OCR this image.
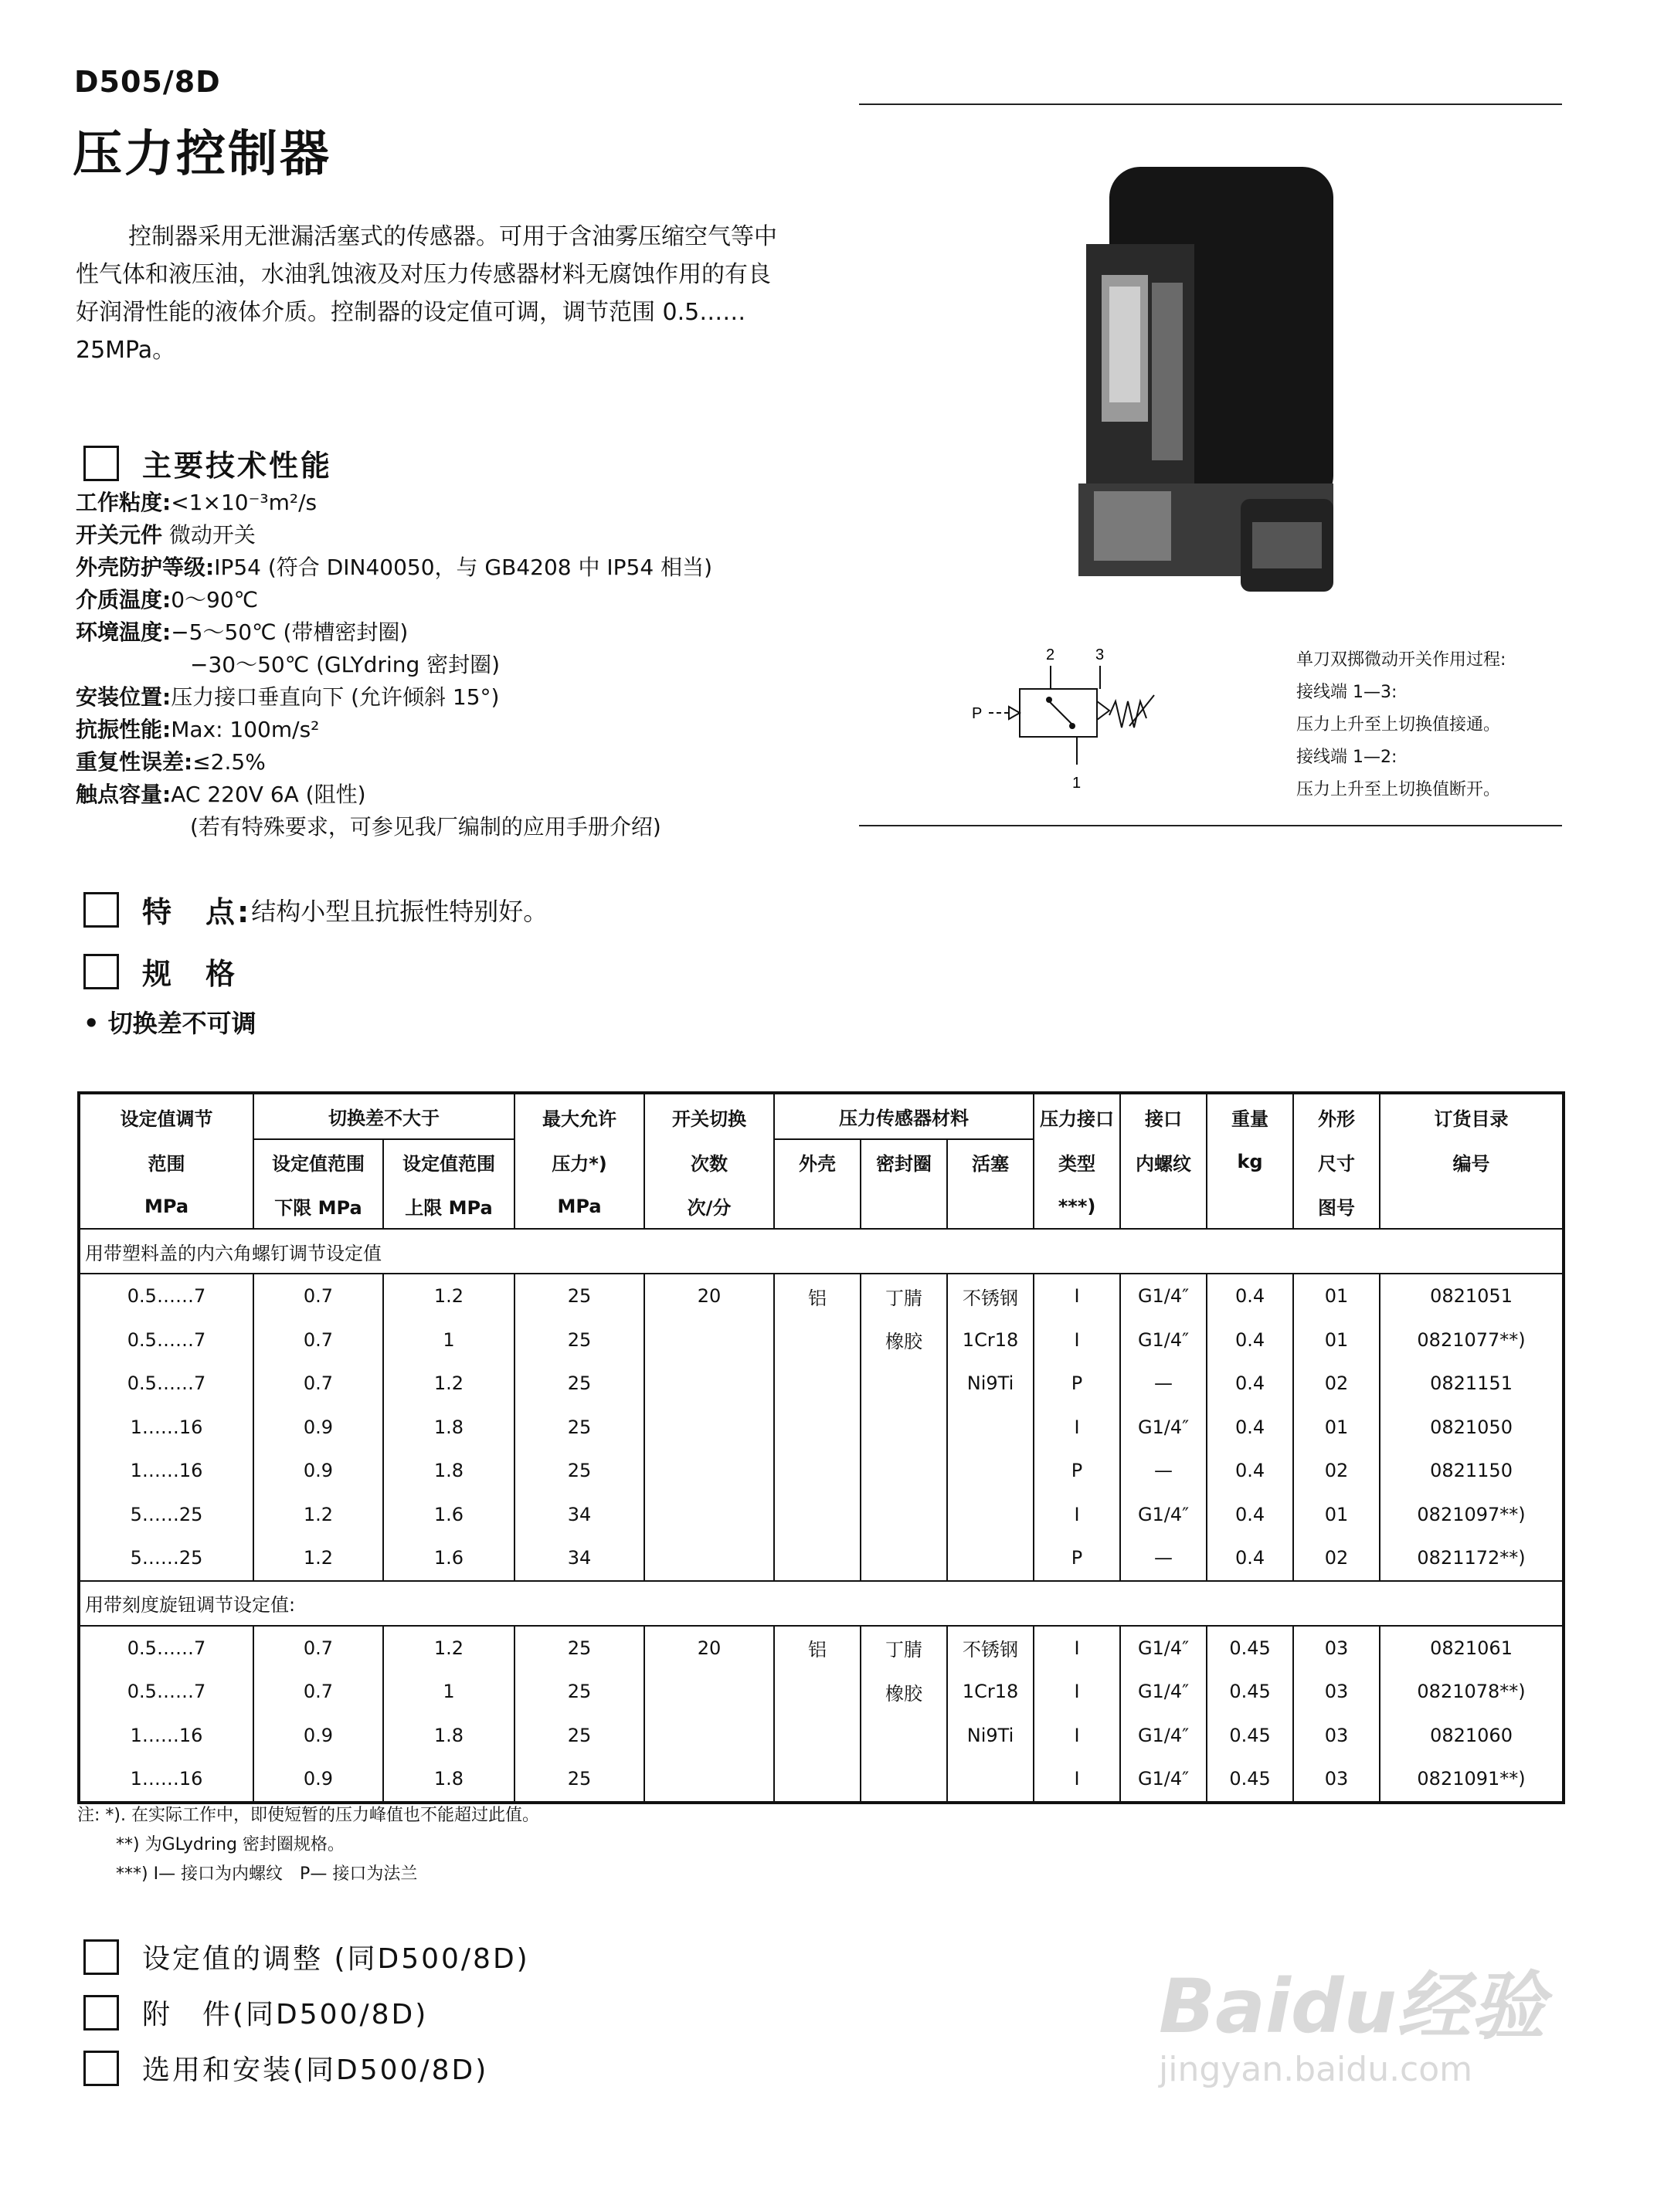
D505/8D
压力控制器
控制器采用无泄漏活塞式的传感器。可用于含油雾压缩空气等中性气体和液压油，水油乳蚀液及对压力传感器材料无腐蚀作用的有良好润滑性能的液体介质。控制器的设定值可调，调节范围 0.5……25MPa。
2	3
P
1
单刀双掷微动开关作用过程:
接线端 1—3:
压力上升至上切换值接通。
接线端 1—2:
压力上升至上切换值断开。
主要技术性能
工作粘度:<1×10⁻³m²/s
开关元件 微动开关
外壳防护等级:IP54 (符合 DIN40050，与 GB4208 中 IP54 相当)
介质温度:0～90℃
环境温度:−5～50℃ (带槽密封圈)
−30～50℃ (GLYdring 密封圈)
安装位置:压力接口垂直向下 (允许倾斜 15°)
抗振性能:Max: 100m/s²
重复性误差:≤2.5%
触点容量:AC 220V 6A (阻性)
(若有特殊要求，可参见我厂编制的应用手册介绍)
特　点: 结构小型且抗振性特别好。
规　格
• 切换差不可调
设定值调节	切换差不大于		最大允许	开关切换	压力传感器材料			压力接口	接口	重量	外形	订货目录
范围	设定值范围	设定值范围	压力*)	次数	外壳	密封圈	活塞	类型	内螺纹	kg	尺寸	编号
MPa	下限 MPa	上限 MPa	MPa	次/分				***)			图号	
用带塑料盖的内六角螺钉调节设定值												
0.5……7	0.7	1.2	25	20	铝	丁腈	不锈钢	I	G1/4″	0.4	01	0821051
0.5……7	0.7	1	25			橡胶	1Cr18	I	G1/4″	0.4	01	0821077**)
0.5……7	0.7	1.2	25				Ni9Ti	P	—	0.4	02	0821151
1……16	0.9	1.8	25					I	G1/4″	0.4	01	0821050
1……16	0.9	1.8	25					P	—	0.4	02	0821150
5……25	1.2	1.6	34					I	G1/4″	0.4	01	0821097**)
5……25	1.2	1.6	34					P	—	0.4	02	0821172**)
用带刻度旋钮调节设定值:												
0.5……7	0.7	1.2	25	20	铝	丁腈	不锈钢	I	G1/4″	0.45	03	0821061
0.5……7	0.7	1	25			橡胶	1Cr18	I	G1/4″	0.45	03	0821078**)
1……16	0.9	1.8	25				Ni9Ti	I	G1/4″	0.45	03	0821060
1……16	0.9	1.8	25					I	G1/4″	0.45	03	0821091**)
注: *). 在实际工作中，即使短暂的压力峰值也不能超过此值。
**) 为GLydring 密封圈规格。
***) I— 接口为内螺纹　P— 接口为法兰
设定值的调整 (同D500/8D)
附　件(同D500/8D)
选用和安装(同D500/8D)
Baidu经验
jingyan.baidu.com
